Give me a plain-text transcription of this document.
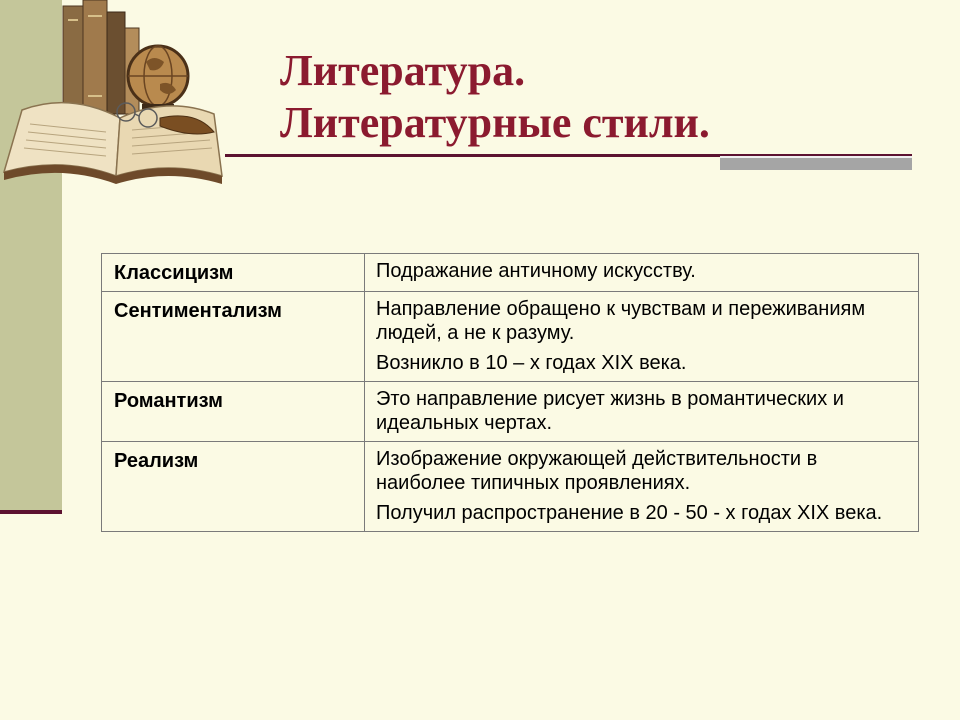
Литература.
Литературные стили.
Классицизм	Подражание античному искусству.

Сентиментализм	Направление обращено к чувствам и переживаниям людей, а не к разуму.
Возникло в 10 – х годах XIX века.

Романтизм	Это направление рисует жизнь в романтических и идеальных чертах.

Реализм	Изображение окружающей действительности в наиболее типичных проявлениях.
Получил распространение в 20 - 50 - х годах XIX века.
